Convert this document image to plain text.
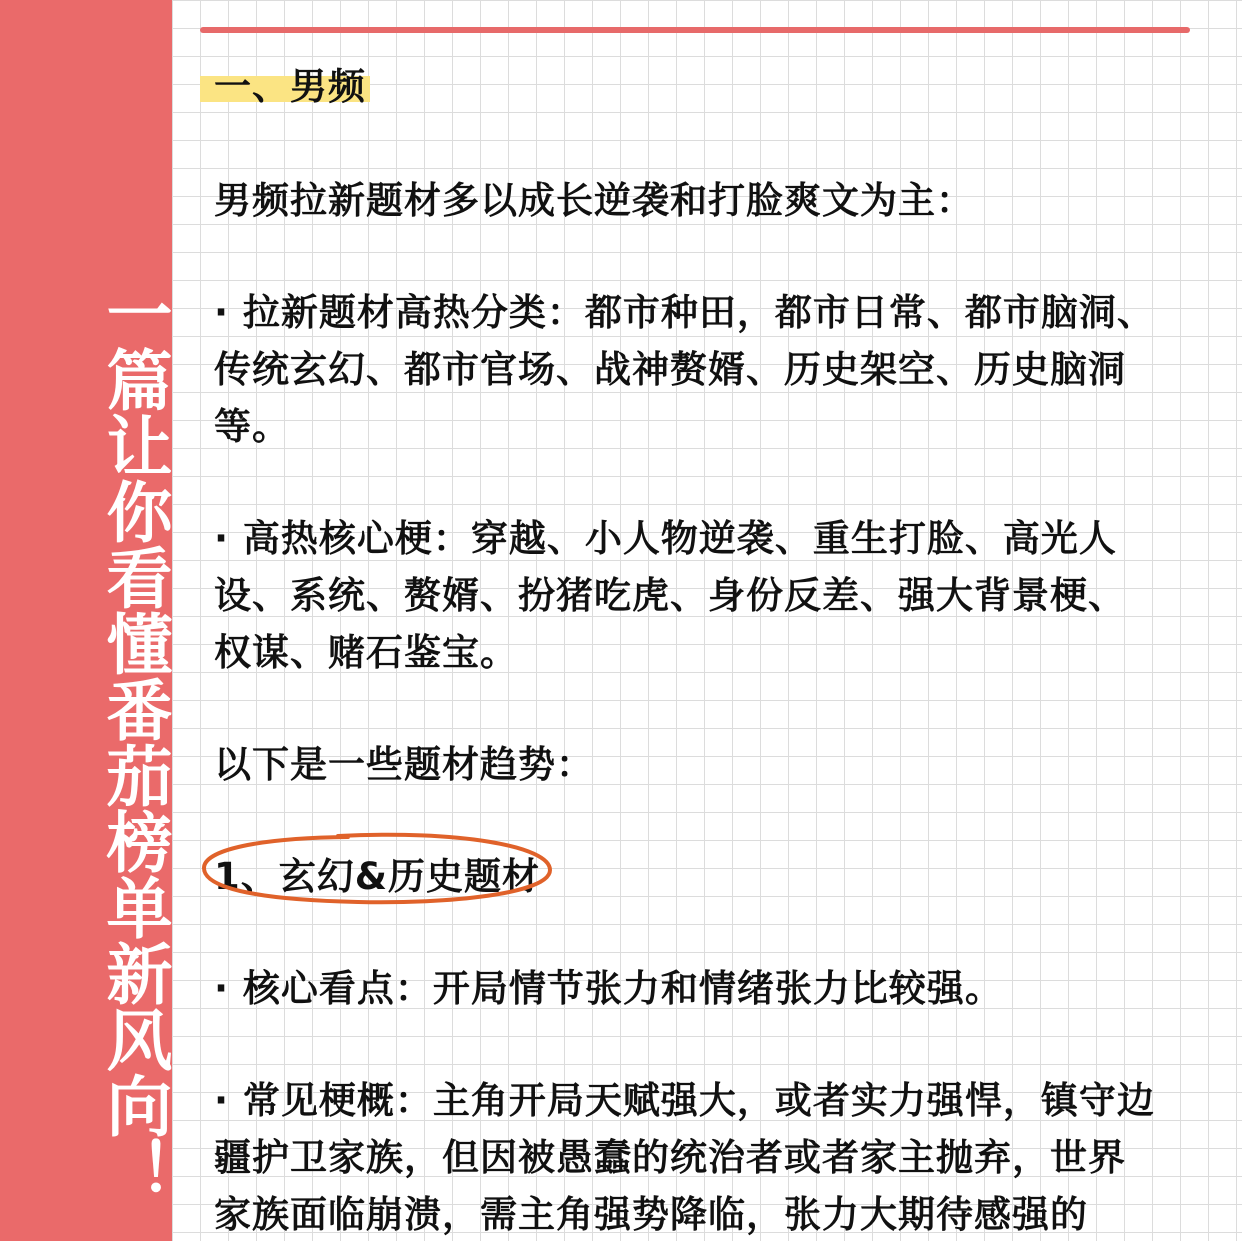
一篇让你看懂番茄榜单新风向！
一、男频
男频拉新题材多以成长逆袭和打脸爽文为主：
· 拉新题材高热分类：都市种田，都市日常、都市脑洞、
传统玄幻、都市官场、战神赘婿、历史架空、历史脑洞
等。
· 高热核心梗：穿越、小人物逆袭、重生打脸、高光人
设、系统、赘婿、扮猪吃虎、身份反差、强大背景梗、
权谋、赌石鉴宝。
以下是一些题材趋势：
1、玄幻&历史题材
· 核心看点：开局情节张力和情绪张力比较强。
· 常见梗概：主角开局天赋强大，或者实力强悍，镇守边
疆护卫家族，但因被愚蠢的统治者或者家主抛弃，世界
家族面临崩溃，需主角强势降临，张力大期待感强的
